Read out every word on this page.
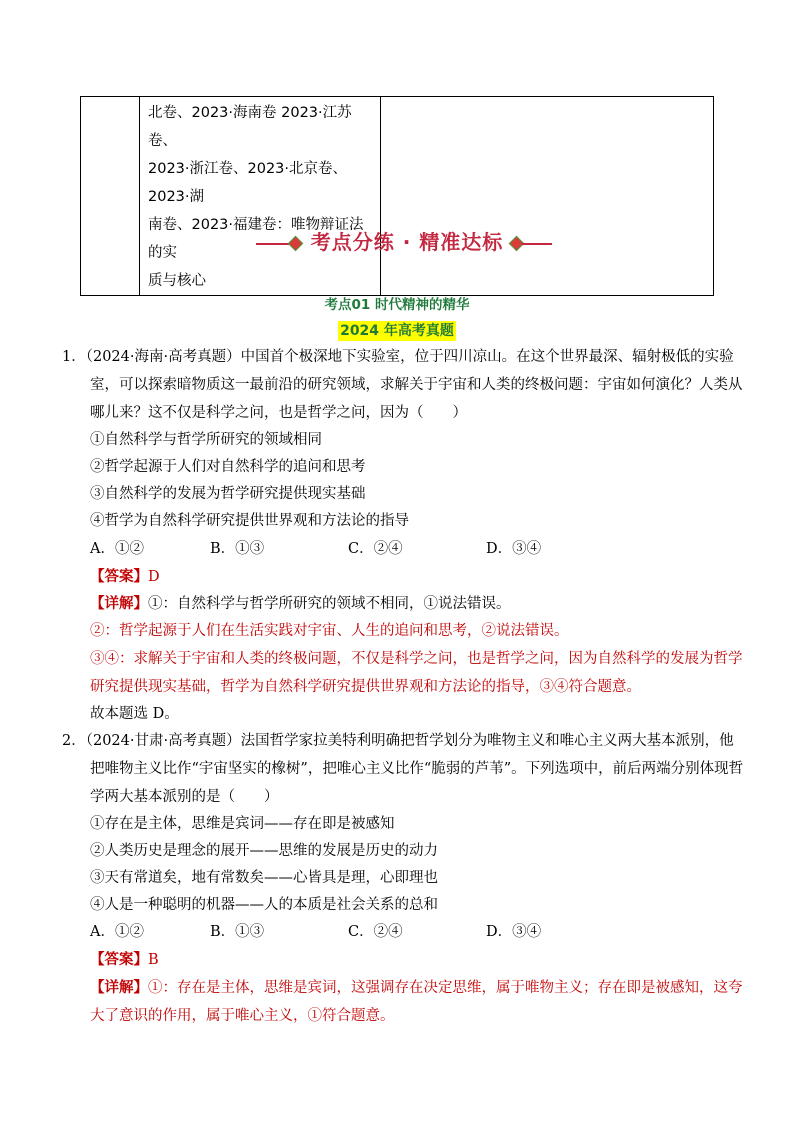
北卷、2023·海南卷 2023·江苏卷、
2023·浙江卷、2023·北京卷、2023·湖
南卷、2023·福建卷：唯物辩证法的实
质与核心

考点分练 · 精准达标
考点01 时代精神的精华
2024 年高考真题
1．（2024·海南·高考真题）中国首个极深地下实验室，位于四川凉山。在这个世界最深、辐射极低的实验
室，可以探索暗物质这一最前沿的研究领域，求解关于宇宙和人类的终极问题：宇宙如何演化？人类从
哪儿来？这不仅是科学之问，也是哲学之问，因为（　　）
①自然科学与哲学所研究的领域相同
②哲学起源于人们对自然科学的追问和思考
③自然科学的发展为哲学研究提供现实基础
④哲学为自然科学研究提供世界观和方法论的指导
A．①②	B．①③	C．②④	D．③④
【答案】D
【详解】①：自然科学与哲学所研究的领域不相同，①说法错误。
②：哲学起源于人们在生活实践对宇宙、人生的追问和思考，②说法错误。
③④：求解关于宇宙和人类的终极问题，不仅是科学之问，也是哲学之问，因为自然科学的发展为哲学
研究提供现实基础，哲学为自然科学研究提供世界观和方法论的指导，③④符合题意。
故本题选 D。
2．（2024·甘肃·高考真题）法国哲学家拉美特利明确把哲学划分为唯物主义和唯心主义两大基本派别，他
把唯物主义比作“宇宙坚实的橡树”，把唯心主义比作“脆弱的芦苇”。下列选项中，前后两端分别体现哲
学两大基本派别的是（　　）
①存在是主体，思维是宾词——存在即是被感知
②人类历史是理念的展开——思维的发展是历史的动力
③天有常道矣，地有常数矣——心皆具是理，心即理也
④人是一种聪明的机器——人的本质是社会关系的总和
A．①②	B．①③	C．②④	D．③④
【答案】B
【详解】①：存在是主体，思维是宾词，这强调存在决定思维，属于唯物主义；存在即是被感知，这夸
大了意识的作用，属于唯心主义，①符合题意。
